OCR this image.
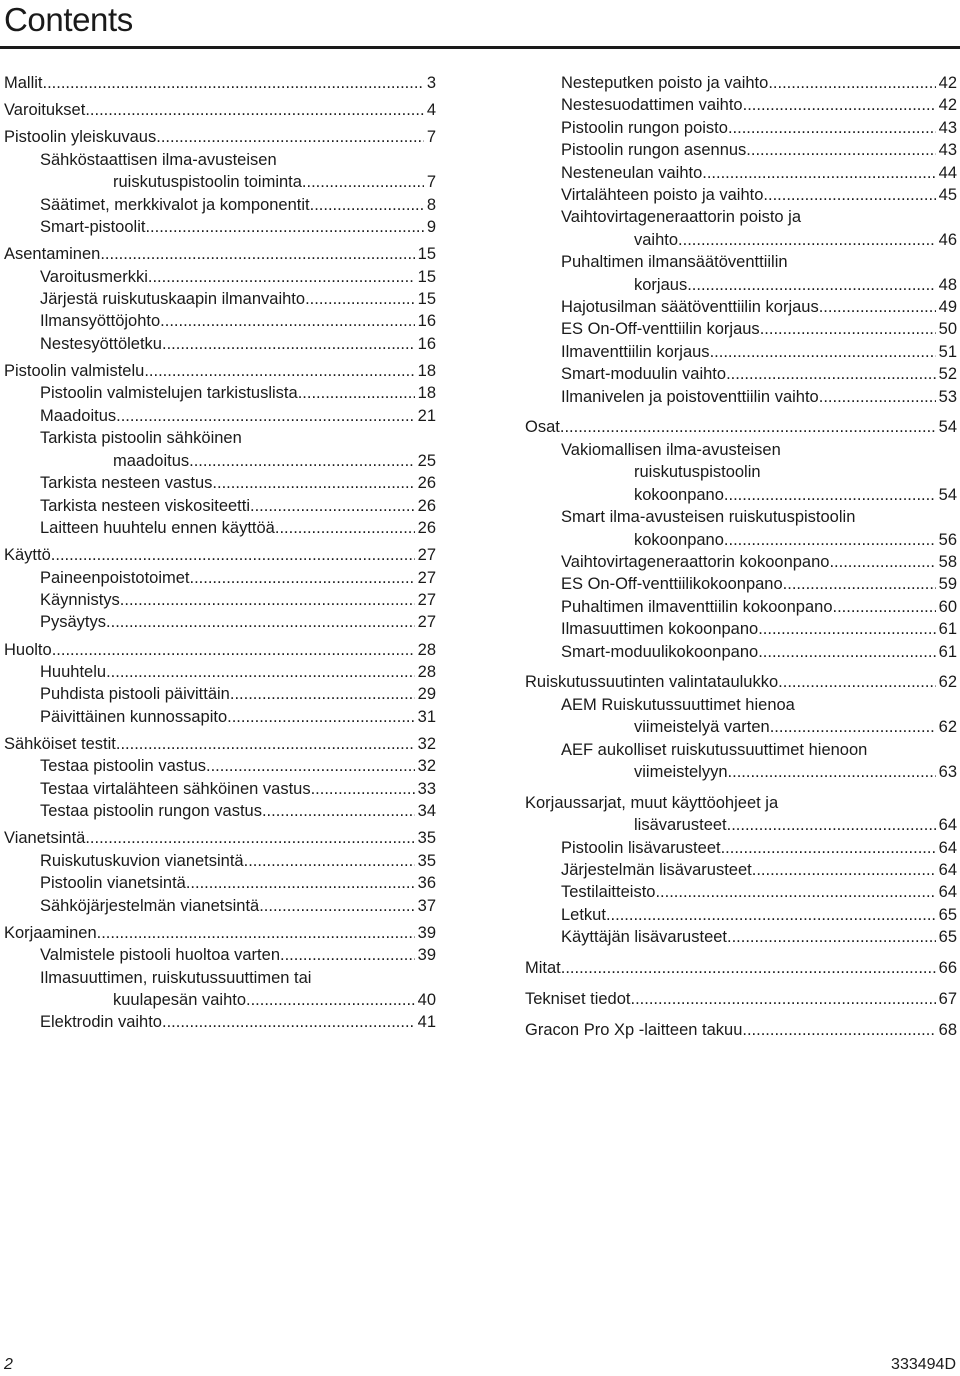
Contents
Mallit .....	3
Varoitukset .....	4
Pistoolin yleiskuvaus .....	7
Sähköstaattisen ilma-avusteisen
ruiskutuspistoolin toiminta .....	7
Säätimet, merkkivalot ja komponentit .....	8
Smart-pistoolit .....	9
Asentaminen .....	15
Varoitusmerkki .....	15
Järjestä ruiskutuskaapin ilmanvaihto .....	15
Ilmansyöttöjohto .....	16
Nestesyöttöletku .....	16
Pistoolin valmistelu .....	18
Pistoolin valmistelujen tarkistuslista .....	18
Maadoitus .....	21
Tarkista pistoolin sähköinen
maadoitus .....	25
Tarkista nesteen vastus .....	26
Tarkista nesteen viskositeetti .....	26
Laitteen huuhtelu ennen käyttöä .....	26
Käyttö .....	27
Paineenpoistotoimet .....	27
Käynnistys .....	27
Pysäytys .....	27
Huolto .....	28
Huuhtelu .....	28
Puhdista pistooli päivittäin .....	29
Päivittäinen kunnossapito .....	31
Sähköiset testit .....	32
Testaa pistoolin vastus .....	32
Testaa virtalähteen sähköinen vastus .....	33
Testaa pistoolin rungon vastus .....	34
Vianetsintä .....	35
Ruiskutuskuvion vianetsintä .....	35
Pistoolin vianetsintä .....	36
Sähköjärjestelmän vianetsintä .....	37
Korjaaminen .....	39
Valmistele pistooli huoltoa varten .....	39
Ilmasuuttimen, ruiskutussuuttimen tai
kuulapesän vaihto .....	40
Elektrodin vaihto .....	41
Nesteputken poisto ja vaihto .....	42
Nestesuodattimen vaihto .....	42
Pistoolin rungon poisto .....	43
Pistoolin rungon asennus .....	43
Nesteneulan vaihto .....	44
Virtalähteen poisto ja vaihto .....	45
Vaihtovirtageneraattorin poisto ja
vaihto .....	46
Puhaltimen ilmansäätöventtiilin
korjaus .....	48
Hajotusilman säätöventtiilin korjaus .....	49
ES On-Off-venttiilin korjaus .....	50
Ilmaventtiilin korjaus .....	51
Smart-moduulin vaihto .....	52
Ilmanivelen ja poistoventtiilin vaihto .....	53
Osat .....	54
Vakiomallisen ilma-avusteisen
ruiskutuspistoolin
kokoonpano .....	54
Smart ilma-avusteisen ruiskutuspistoolin
kokoonpano .....	56
Vaihtovirtageneraattorin kokoonpano .....	58
ES On-Off-venttiilikokoonpano .....	59
Puhaltimen ilmaventtiilin kokoonpano .....	60
Ilmasuuttimen kokoonpano .....	61
Smart-moduulikokoonpano .....	61
Ruiskutussuutinten valintataulukko .....	62
AEM Ruiskutussuuttimet hienoa
viimeistelyä varten .....	62
AEF aukolliset ruiskutussuuttimet hienoon
viimeistelyyn .....	63
Korjaussarjat, muut käyttöohjeet ja
lisävarusteet .....	64
Pistoolin lisävarusteet .....	64
Järjestelmän lisävarusteet .....	64
Testilaitteisto .....	64
Letkut .....	65
Käyttäjän lisävarusteet .....	65
Mitat .....	66
Tekniset tiedot .....	67
Gracon Pro Xp -laitteen takuu .....	68
2	333494D
